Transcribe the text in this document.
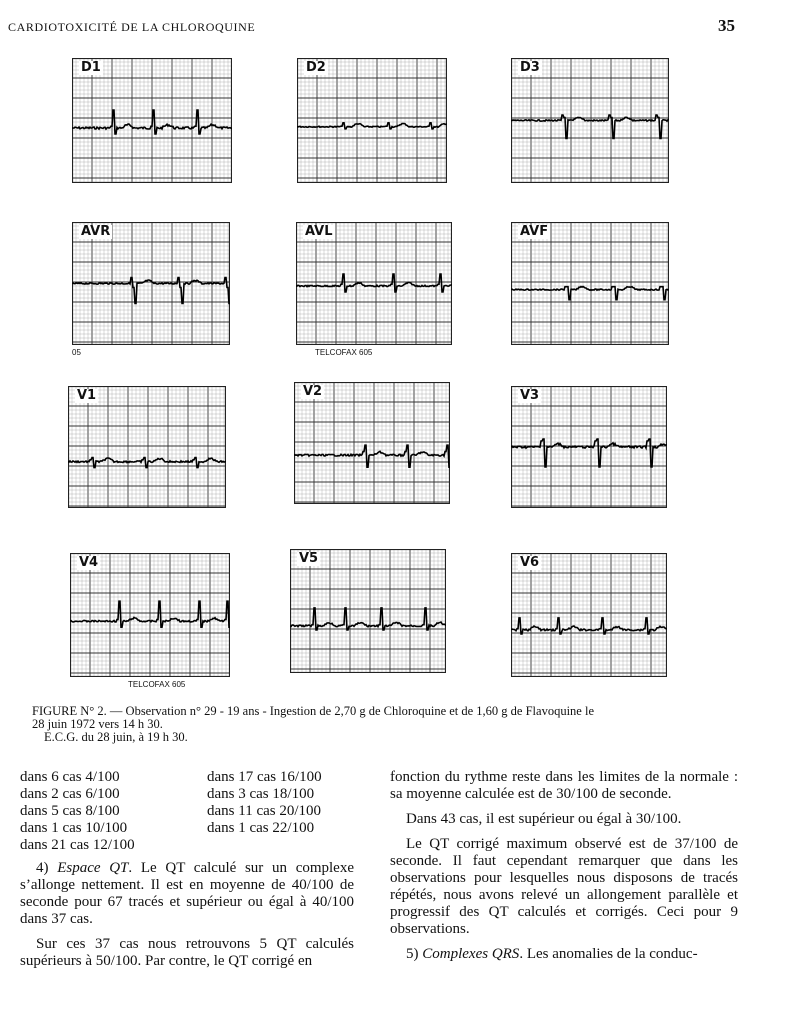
CARDIOTOXICITÉ DE LA CHLOROQUINE	35
D1	D2	D3
AVR	AVL	AVF
05	TELCOFAX 605
V1	V2	V3
V4	V5	V6
TELCOFAX 605
FIGURE N° 2. — Observation n° 29 - 19 ans - Ingestion de 2,70 g de Chloroquine et de 1,60 g de Flavoquine le
28 juin 1972 vers 14 h 30.
E.C.G. du 28 juin, à 19 h 30.
dans 6 cas 4/100
dans 2 cas 6/100
dans 5 cas 8/100
dans 1 cas 10/100
dans 21 cas 12/100
dans 17 cas 16/100
dans 3 cas 18/100
dans 11 cas 20/100
dans 1 cas 22/100

4) Espace QT. Le QT calculé sur un complexe s’allonge nettement. Il est en moyenne de 40/100 de seconde pour 67 tracés et supérieur ou égal à 40/100 dans 37 cas.

Sur ces 37 cas nous retrouvons 5 QT calculés supérieurs à 50/100. Par contre, le QT corrigé en

fonction du rythme reste dans les limites de la normale : sa moyenne calculée est de 30/100 de seconde.

Dans 43 cas, il est supérieur ou égal à 30/100.

Le QT corrigé maximum observé est de 37/100 de seconde. Il faut cependant remarquer que dans les observations pour lesquelles nous disposons de tracés répétés, nous avons relevé un allongement parallèle et progressif des QT calculés et corrigés. Ceci pour 9 observations.

5) Complexes QRS. Les anomalies de la conduc-
